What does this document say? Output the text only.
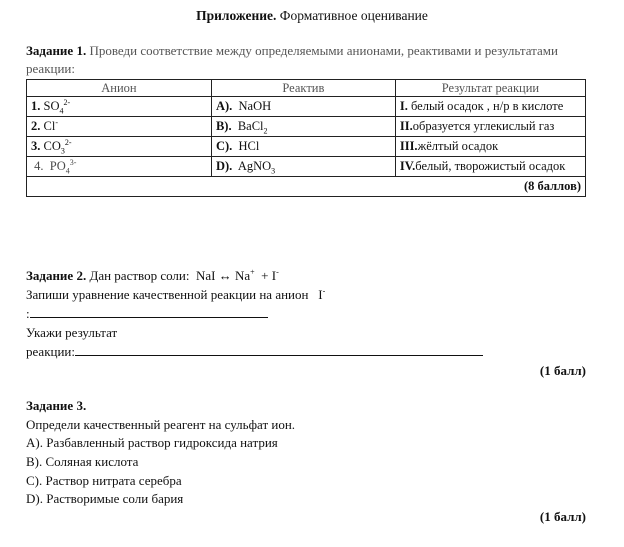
Приложение. Формативное оценивание
Задание 1. Проведи соответствие между определяемыми анионами, реактивами и результатами реакции:
Анион	Реактив	Результат реакции
1. $SO_4^{2-}$	A). NaOH	I. белый осадок , н/р в кислоте
2. Cl-	B). BaCl$_2$	II.образуется углекислый газ
3. $CO_3^{2-}$	C). HCl	III.жёлтый осадок
4. $PO_4^{3-}$	D). AgNO$_3$	IV.белый, творожистый осадок
(8 баллов)		
Задание 2. Дан раствор соли: NaI ↔ Na+ + I-
Запиши уравнение качественной реакции на анион I-
:
Укажи результат
реакции:
(1 балл)
Задание 3.
Определи качественный реагент на сульфат ион.
A). Разбавленный раствор гидроксида натрия
B). Соляная кислота
C). Раствор нитрата серебра
D). Растворимые соли бария
(1 балл)
